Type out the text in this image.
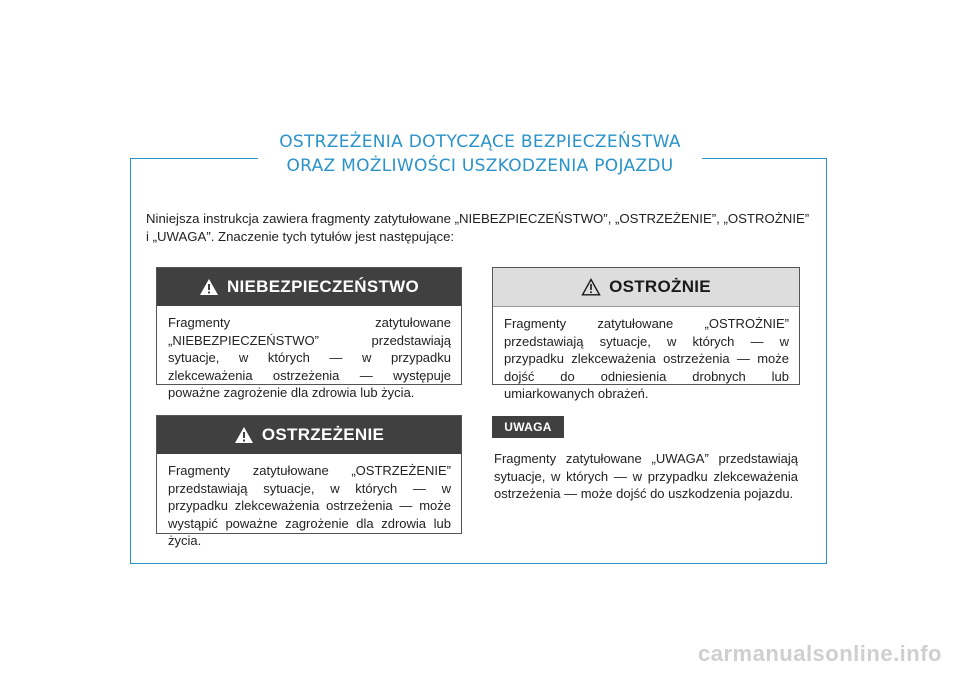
OSTRZEŻENIA DOTYCZĄCE BEZPIECZEŃSTWA
ORAZ MOŻLIWOŚCI USZKODZENIA POJAZDU
Niniejsza instrukcja zawiera fragmenty zatytułowane „NIEBEZPIECZEŃSTWO”, „OSTRZEŻENIE”, „OSTROŻNIE” i „UWAGA”. Znaczenie tych tytułów jest następujące:
NIEBEZPIECZEŃSTWO
Fragmenty zatytułowane „NIEBEZPIECZEŃSTWO” przedstawiają sytuacje, w których — w przypadku zlekceważenia ostrzeżenia — występuje poważne zagrożenie dla zdrowia lub życia.
OSTRZEŻENIE
Fragmenty zatytułowane „OSTRZEŻENIE” przedstawiają sytuacje, w których — w przypadku zlekceważenia ostrzeżenia — może wystąpić poważne zagrożenie dla zdrowia lub życia.
OSTROŻNIE
Fragmenty zatytułowane „OSTROŻNIE” przedstawiają sytuacje, w których — w przypadku zlekceważenia ostrzeżenia — może dojść do odniesienia drobnych lub umiarkowanych obrażeń.
UWAGA
Fragmenty zatytułowane „UWAGA” przedstawiają sytuacje, w których — w przypadku zlekceważenia ostrzeżenia — może dojść do uszkodzenia pojazdu.
carmanualsonline.info
